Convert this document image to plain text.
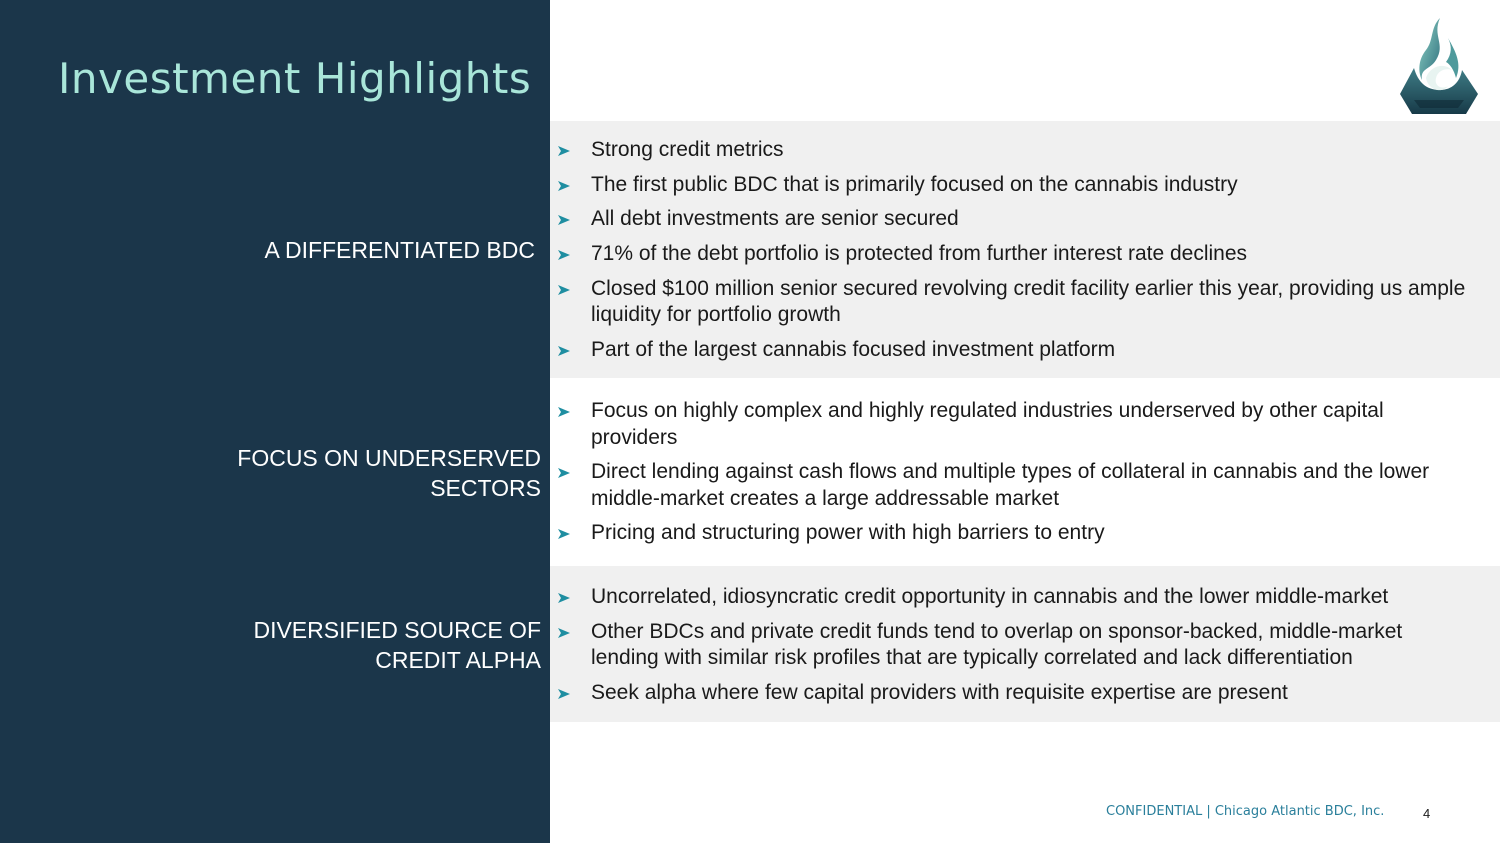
Investment Highlights
A DIFFERENTIATED BDC
FOCUS ON UNDERSERVED
SECTORS
DIVERSIFIED SOURCE OF
CREDIT ALPHA
Strong credit metrics
The first public BDC that is primarily focused on the cannabis industry
All debt investments are senior secured
71% of the debt portfolio is protected from further interest rate declines
Closed $100 million senior secured revolving credit facility earlier this year, providing us ample liquidity for portfolio growth
Part of the largest cannabis focused investment platform
Focus on highly complex and highly regulated industries underserved by other capital providers
Direct lending against cash flows and multiple types of collateral in cannabis and the lower middle-market creates a large addressable market
Pricing and structuring power with high barriers to entry
Uncorrelated, idiosyncratic credit opportunity in cannabis and the lower middle-market
Other BDCs and private credit funds tend to overlap on sponsor-backed, middle-market lending with similar risk profiles that are typically correlated and lack differentiation
Seek alpha where few capital providers with requisite expertise are present
CONFIDENTIAL | Chicago Atlantic BDC, Inc.	4
